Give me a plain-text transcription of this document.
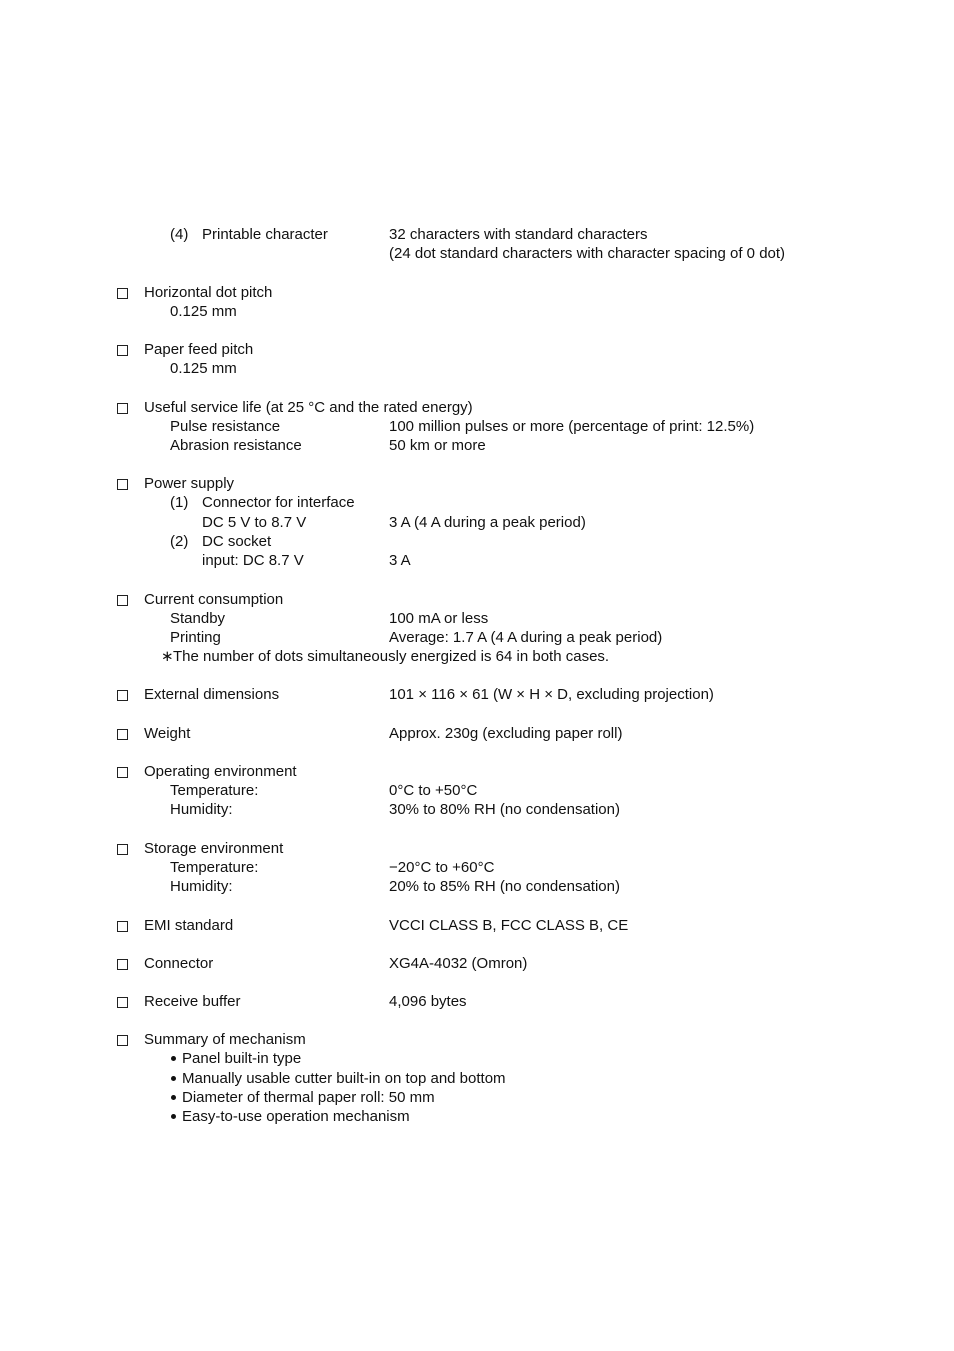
(4) Printable character	32 characters with standard characters
(24 dot standard characters with character spacing of 0 dot)
Horizontal dot pitch
0.125 mm
Paper feed pitch
0.125 mm
Useful service life (at 25 °C and the rated energy)
Pulse resistance	100 million pulses or more (percentage of print: 12.5%)
Abrasion resistance	50 km or more
Power supply
(1) Connector for interface
DC 5 V to 8.7 V	3 A (4 A during a peak period)
(2) DC socket
input: DC 8.7 V	3 A
Current consumption
Standby	100 mA or less
Printing	Average: 1.7 A (4 A during a peak period)
∗ The number of dots simultaneously energized is 64 in both cases.
External dimensions	101 × 116 × 61 (W × H × D, excluding projection)
Weight	Approx. 230g (excluding paper roll)
Operating environment
Temperature:	0°C to +50°C
Humidity:	30% to 80% RH (no condensation)
Storage environment
Temperature:	−20°C to +60°C
Humidity:	20% to 85% RH (no condensation)
EMI standard	VCCI CLASS B, FCC CLASS B, CE
Connector	XG4A-4032 (Omron)
Receive buffer	4,096 bytes
Summary of mechanism
Panel built-in type
Manually usable cutter built-in on top and bottom
Diameter of thermal paper roll: 50 mm
Easy-to-use operation mechanism
